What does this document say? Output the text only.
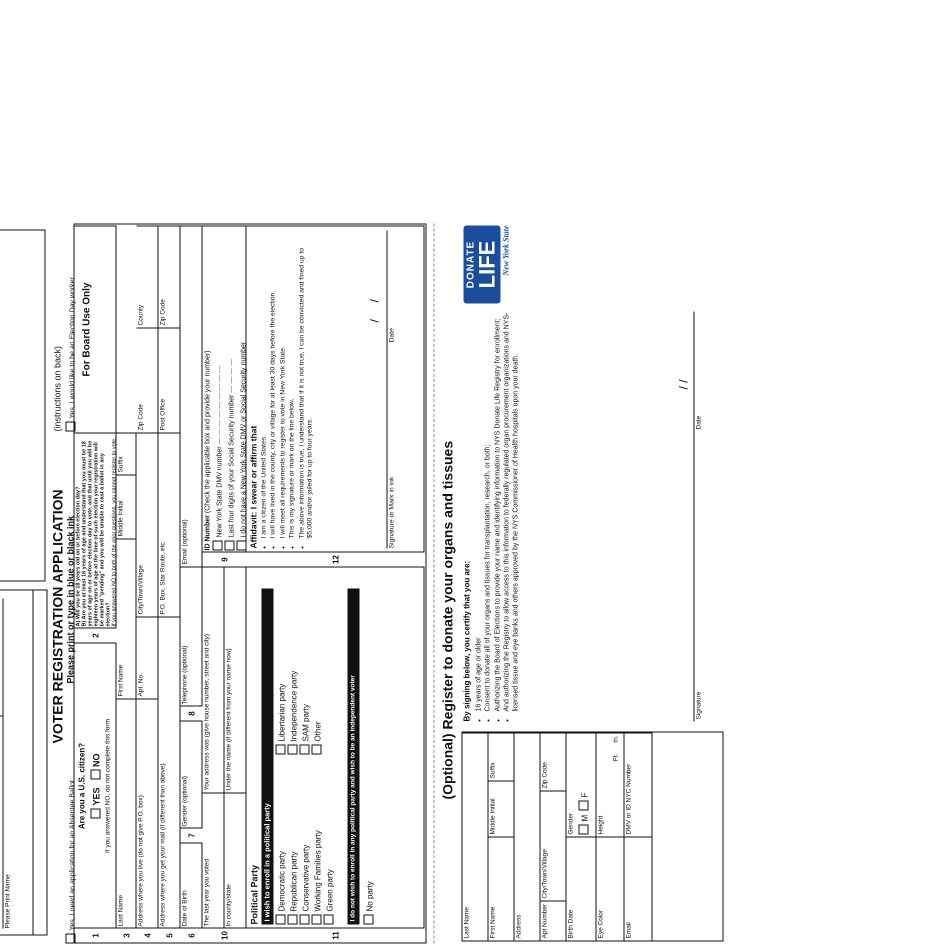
Please Print Name
VOTER REGISTRATION APPLICATION
(instructions on back)
Please print or type in blue or black ink
Yes, I need an application for an Absentee Ballot
Yes, I would like to be an Election Day worker
1
Are you a U.S. citizen? YES   NO If you answered NO, do not complete this form
2
A) Will you be 18 years old on or before election day? B) Are you at least 16 years of age and understand that you must be 18 years of age on or before election day to vote, and that until you will be eighteen years of age at the time of such election your registration will be marked "pending" and you will be unable to cast a ballot in any election? If you answered NO to both of the prior questions, you cannot register to vote.
For Board Use Only
3
Last Name
First Name
Middle Initial
Suffix
4
Address where you live (do not give P.O. box)
Apt. No.
City/Town/Village
Zip Code
County
5
Address where you get your mail (if different than above)
P.O. Box, Star Route, etc.
Post Office
Zip Code
6
Date of Birth
7
Gender (optional)
8
Telephone (optional)
Email (optional)
10
The last year you voted
Your address was (give house number, street and city)
In county/state
Under the name (if different from your name now)
9
ID Number (Check the applicable box and provide your number) New York State DMV number — — — — — — — — — Last four digits of your Social Security number — — — — I do not have a New York State DMV or Social Security number
11
Political Party I wish to enroll in a political party Democratic party Republican party Conservative party Working Families party Green party
Libertarian party Independence party SAM party Other	I do not wish to enroll in any political party and wish to be an independent voter	No party
12
Affidavit: I swear or affirm that • I am a citizen of the United States. • I will have lived in the county, city or village for at least 30 days before the election. • I will meet all requirements to register to vote in New York State. • This is my signature or mark on the line below. • The above information is true, I understand that if it is not true, I can be convicted and fined up to $5,000 and/or jailed for up to four years.	Signature or Mark in ink
Date
/     /
(Optional) Register to donate your organs and tissues
Last Name	First Name
Middle Initial
Suffix
Address	Apt Number
City/Town/Village
Zip Code
Birth Date
Gender M  F
Eye Color
Height
Ft.      In.
Email
DMV or ID NYC Number
By signing below, you certify that you are: • 16 years of age or older • Consent to donate all of your organs and tissues for transplantation, research, or both; • Authorizing the Board of Elections to provide your name and identifying information to NYS Donate Life Registry for enrollment; • And authorizing the Registry to allow access to this information to federally regulated organ procurement organizations and NYS-licensed tissue and eye banks and others approved by the NYS Commissioner of Health hospitals upon your death.	Signature
Date
/ /
DONATE
LIFE New York State
